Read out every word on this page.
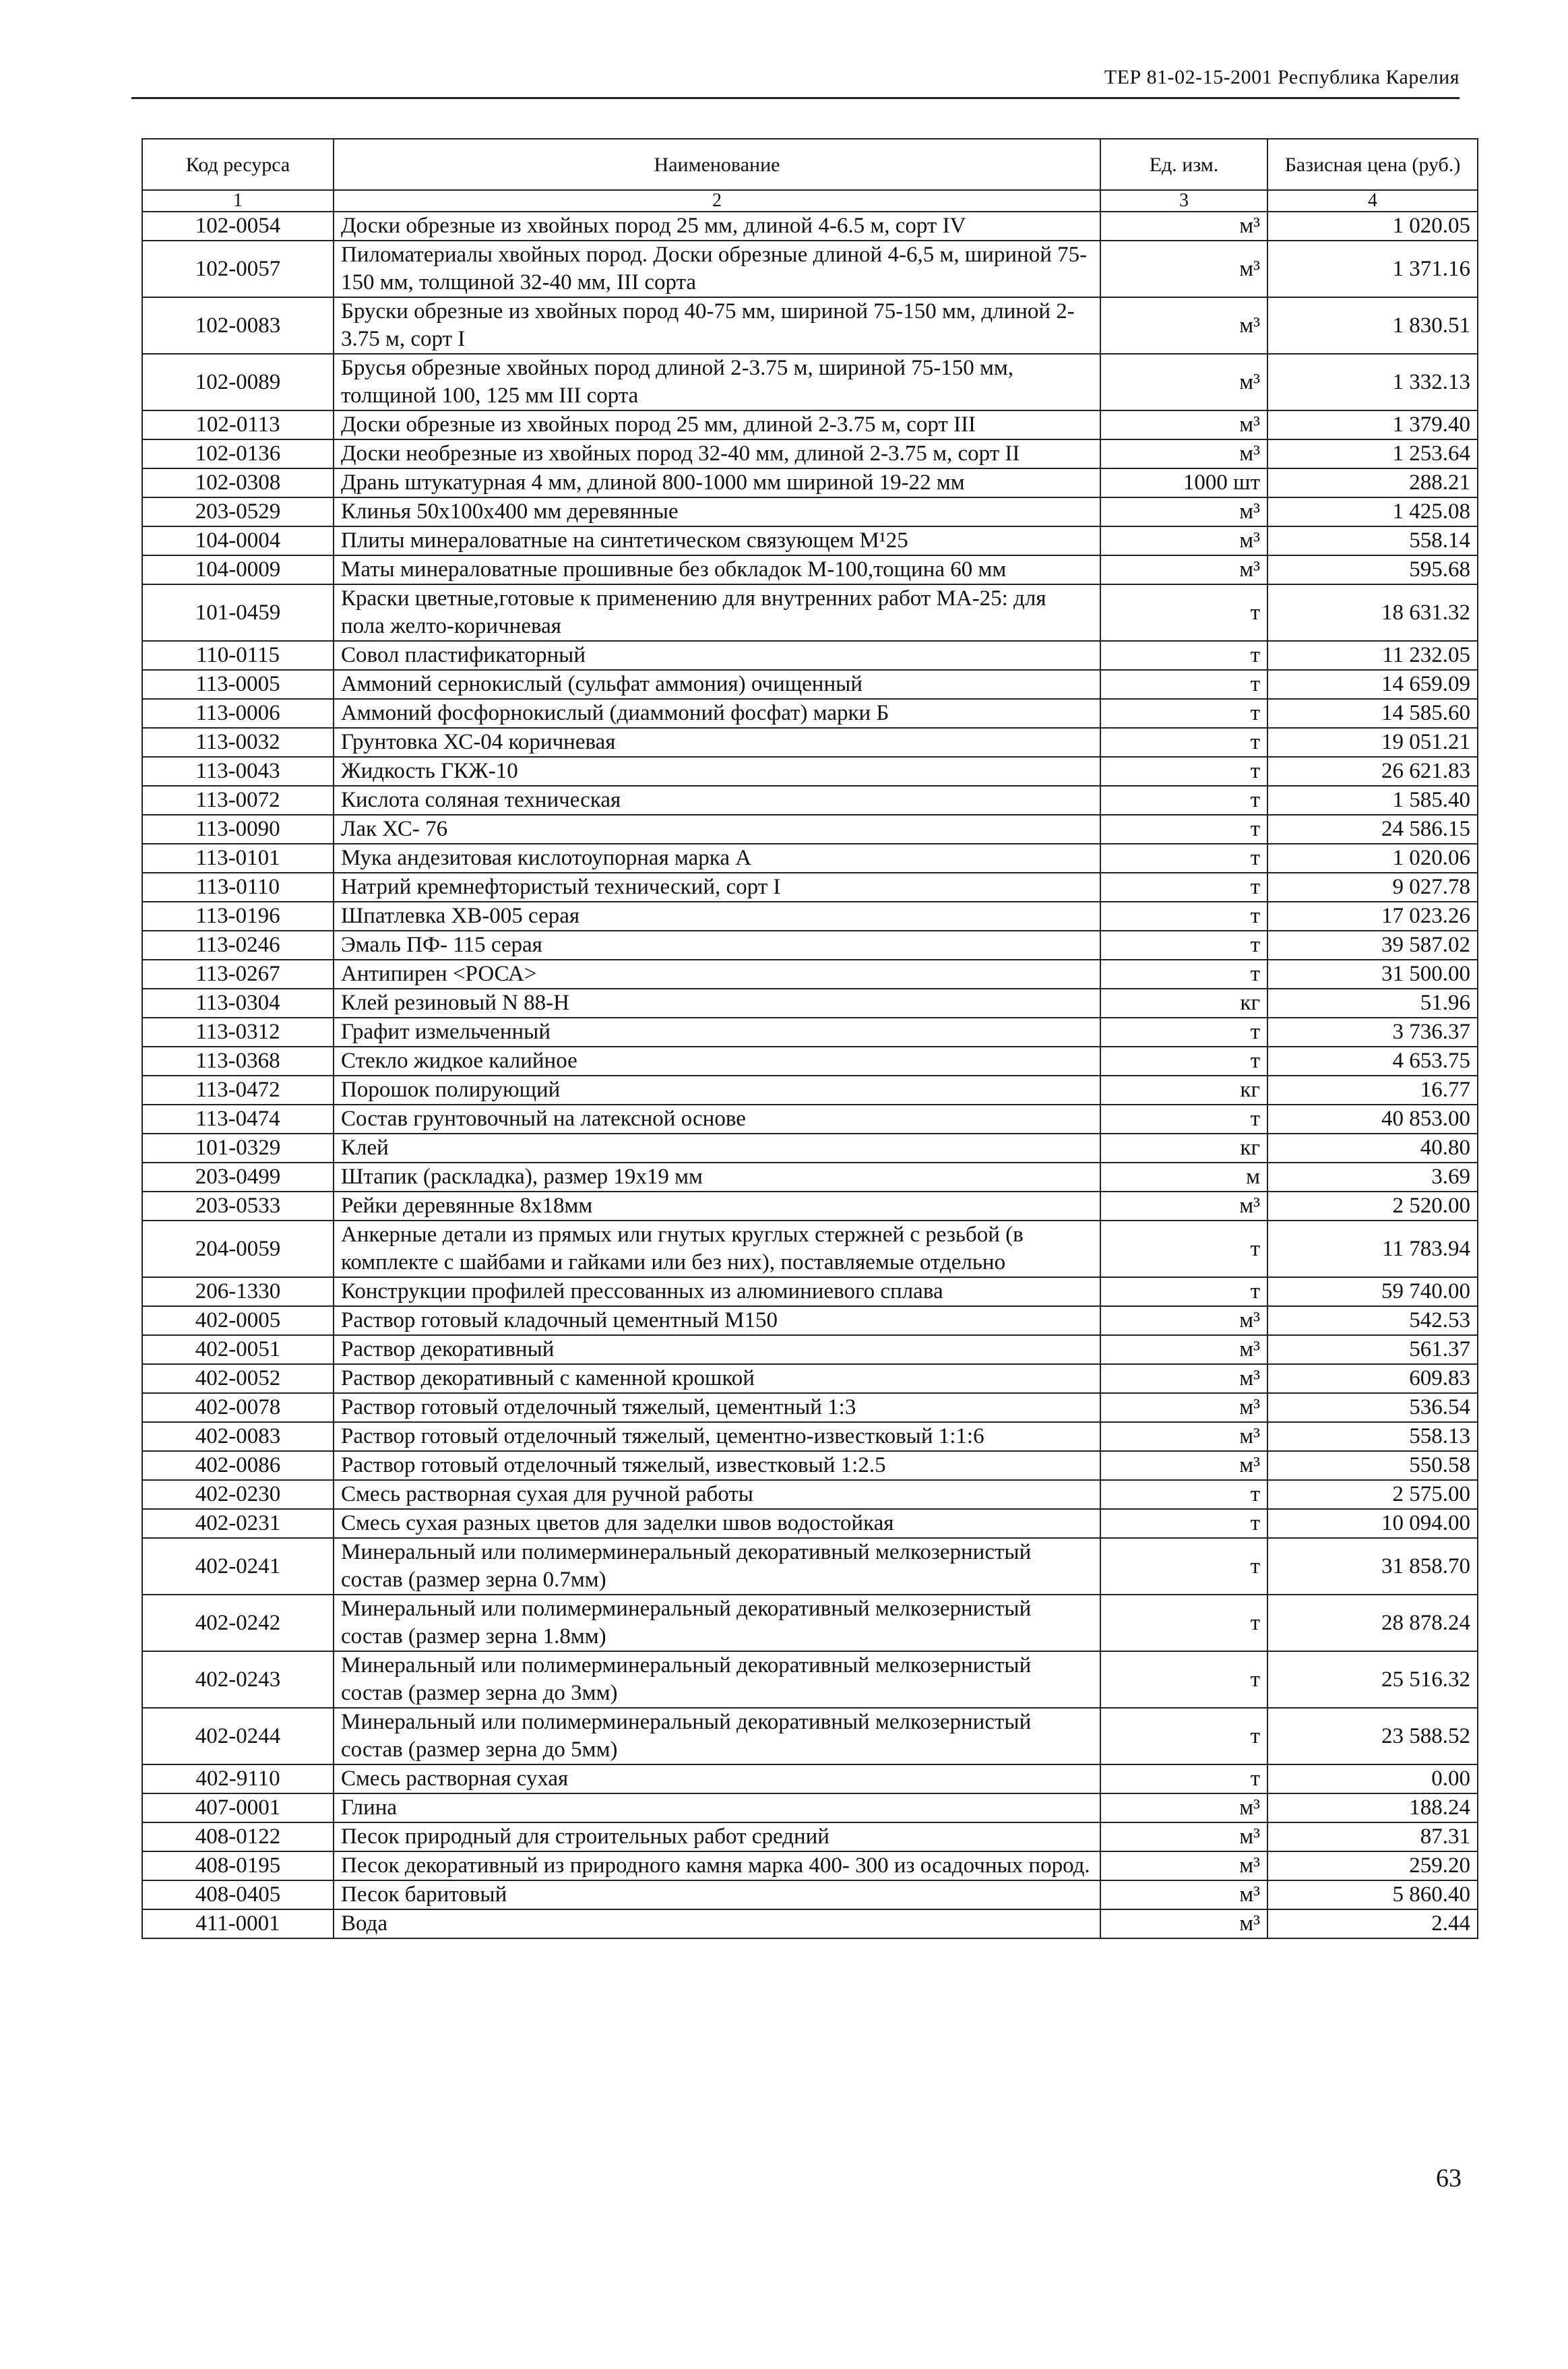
ТЕР 81-02-15-2001 Республика Карелия
Код ресурса	Наименование	Ед. изм.	Базисная цена (руб.)
1	2	3	4
102-0054	Доски обрезные из хвойных пород 25 мм, длиной 4-6.5 м, сорт IV	м³	1 020.05
102-0057	Пиломатериалы хвойных пород. Доски обрезные длиной 4-6,5 м, шириной 75-150 мм, толщиной 32-40 мм, III сорта	м³	1 371.16
102-0083	Бруски обрезные из хвойных пород 40-75 мм, шириной 75-150 мм, длиной 2-3.75 м, сорт I	м³	1 830.51
102-0089	Брусья обрезные хвойных пород длиной 2-3.75 м, шириной 75-150 мм, толщиной 100, 125 мм III сорта	м³	1 332.13
102-0113	Доски обрезные из хвойных пород 25 мм, длиной 2-3.75 м, сорт III	м³	1 379.40
102-0136	Доски необрезные из хвойных пород 32-40 мм, длиной 2-3.75 м, сорт II	м³	1 253.64
102-0308	Дрань штукатурная 4 мм, длиной 800-1000 мм шириной 19-22 мм	1000 шт	288.21
203-0529	Клинья 50х100х400 мм деревянные	м³	1 425.08
104-0004	Плиты минераловатные на синтетическом связующем М¹25	м³	558.14
104-0009	Маты минераловатные прошивные без обкладок М-100,тощина 60 мм	м³	595.68
101-0459	Краски цветные,готовые к применению для внутренних работ МА-25: для пола желто-коричневая	т	18 631.32
110-0115	Совол пластификаторный	т	11 232.05
113-0005	Аммоний сернокислый (сульфат аммония) очищенный	т	14 659.09
113-0006	Аммоний фосфорнокислый (диаммоний фосфат) марки Б	т	14 585.60
113-0032	Грунтовка ХС-04 коричневая	т	19 051.21
113-0043	Жидкость ГКЖ-10	т	26 621.83
113-0072	Кислота соляная техническая	т	1 585.40
113-0090	Лак ХС- 76	т	24 586.15
113-0101	Мука андезитовая кислотоупорная марка А	т	1 020.06
113-0110	Натрий кремнефтористый технический, сорт I	т	9 027.78
113-0196	Шпатлевка ХВ-005 серая	т	17 023.26
113-0246	Эмаль ПФ- 115 серая	т	39 587.02
113-0267	Антипирен <РОСА>	т	31 500.00
113-0304	Клей резиновый N 88-Н	кг	51.96
113-0312	Графит измельченный	т	3 736.37
113-0368	Стекло жидкое калийное	т	4 653.75
113-0472	Порошок полирующий	кг	16.77
113-0474	Состав грунтовочный на латексной основе	т	40 853.00
101-0329	Клей	кг	40.80
203-0499	Штапик (раскладка), размер 19х19 мм	м	3.69
203-0533	Рейки деревянные 8х18мм	м³	2 520.00
204-0059	Анкерные детали из прямых или гнутых круглых стержней с резьбой (в комплекте с шайбами и гайками или без них), поставляемые отдельно	т	11 783.94
206-1330	Конструкции профилей прессованных из алюминиевого сплава	т	59 740.00
402-0005	Раствор готовый кладочный цементный М150	м³	542.53
402-0051	Раствор декоративный	м³	561.37
402-0052	Раствор декоративный с каменной крошкой	м³	609.83
402-0078	Раствор готовый отделочный тяжелый, цементный 1:3	м³	536.54
402-0083	Раствор готовый отделочный тяжелый, цементно-известковый 1:1:6	м³	558.13
402-0086	Раствор готовый отделочный тяжелый, известковый 1:2.5	м³	550.58
402-0230	Смесь растворная сухая для ручной работы	т	2 575.00
402-0231	Смесь сухая разных цветов для заделки швов водостойкая	т	10 094.00
402-0241	Минеральный или полимерминеральный декоративный мелкозернистый состав (размер зерна 0.7мм)	т	31 858.70
402-0242	Минеральный или полимерминеральный декоративный мелкозернистый состав (размер зерна 1.8мм)	т	28 878.24
402-0243	Минеральный или полимерминеральный декоративный мелкозернистый состав (размер зерна до 3мм)	т	25 516.32
402-0244	Минеральный или полимерминеральный декоративный мелкозернистый состав (размер зерна до 5мм)	т	23 588.52
402-9110	Смесь растворная сухая	т	0.00
407-0001	Глина	м³	188.24
408-0122	Песок природный для строительных работ средний	м³	87.31
408-0195	Песок декоративный из природного камня марка 400- 300 из осадочных пород.	м³	259.20
408-0405	Песок баритовый	м³	5 860.40
411-0001	Вода	м³	2.44
63
